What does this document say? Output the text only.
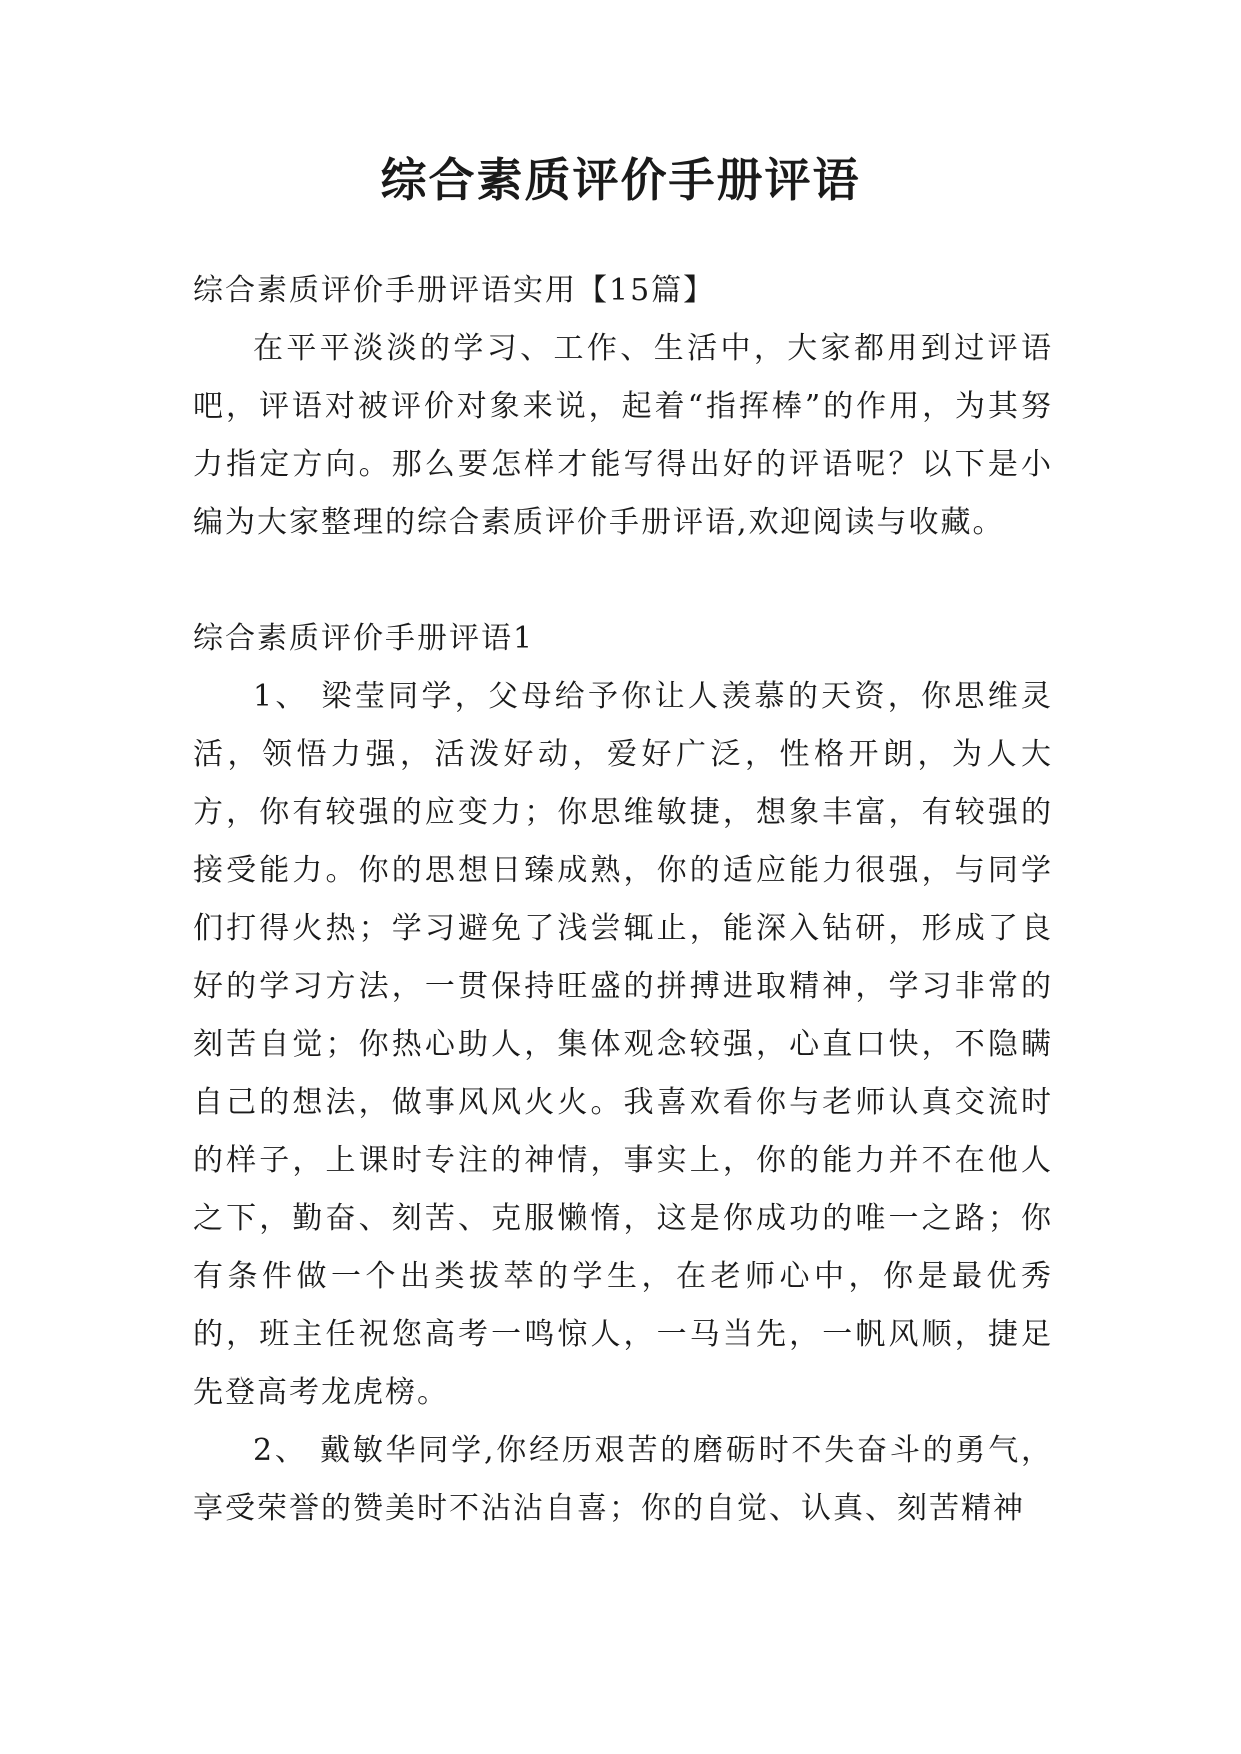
综合素质评价手册评语

综合素质评价手册评语实用【15篇】

在平平淡淡的学习、工作、生活中，大家都用到过评语吧，评语对被评价对象来说，起着“指挥棒”的作用，为其努力指定方向。那么要怎样才能写得出好的评语呢？以下是小编为大家整理的综合素质评价手册评语,欢迎阅读与收藏。

综合素质评价手册评语1

1、 梁莹同学，父母给予你让人羡慕的天资，你思维灵活，领悟力强，活泼好动，爱好广泛，性格开朗，为人大方，你有较强的应变力；你思维敏捷，想象丰富，有较强的接受能力。你的思想日臻成熟，你的适应能力很强，与同学们打得火热；学习避免了浅尝辄止，能深入钻研，形成了良好的学习方法，一贯保持旺盛的拼搏进取精神，学习非常的刻苦自觉；你热心助人，集体观念较强，心直口快，不隐瞒自己的想法，做事风风火火。我喜欢看你与老师认真交流时的样子，上课时专注的神情，事实上，你的能力并不在他人之下，勤奋、刻苦、克服懒惰，这是你成功的唯一之路；你有条件做一个出类拔萃的学生，在老师心中，你是最优秀的，班主任祝您高考一鸣惊人，一马当先，一帆风顺，捷足先登高考龙虎榜。

2、 戴敏华同学,你经历艰苦的磨砺时不失奋斗的勇气，享受荣誉的赞美时不沾沾自喜；你的自觉、认真、刻苦精神
